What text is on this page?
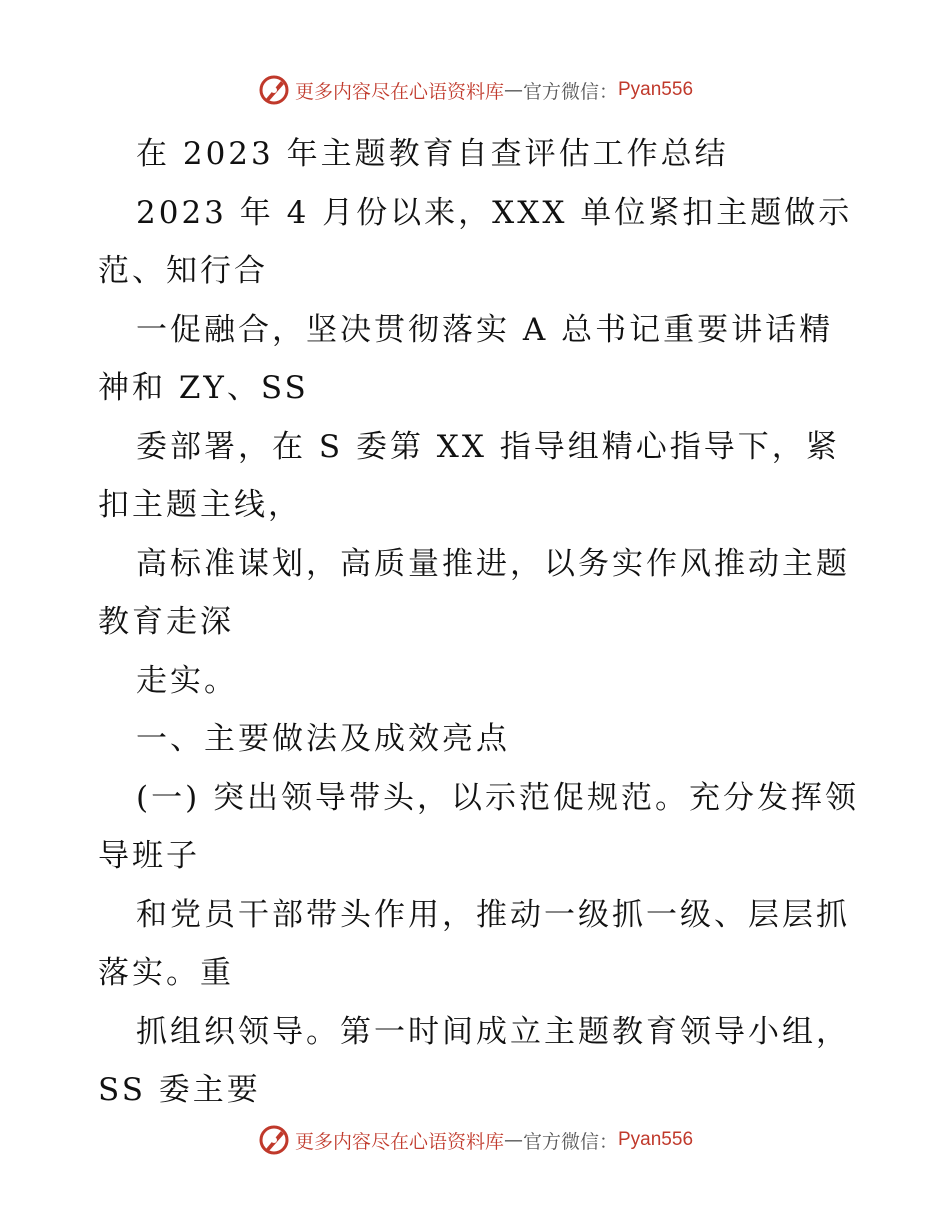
更多内容尽在心语资料库 — 官方微信： Pyan556

在 2023 年主题教育自查评估工作总结

2023 年 4 月份以来，XXX 单位紧扣主题做示

范、知行合

一促融合，坚决贯彻落实 A 总书记重要讲话精

神和 ZY、SS

委部署，在 S 委第 XX 指导组精心指导下，紧

扣主题主线，

高标准谋划，高质量推进，以务实作风推动主题

教育走深

走实。

一、主要做法及成效亮点

(一) 突出领导带头，以示范促规范。充分发挥领

导班子

和党员干部带头作用，推动一级抓一级、层层抓

落实。重

抓组织领导。第一时间成立主题教育领导小组，

SS 委主要

更多内容尽在心语资料库 — 官方微信： Pyan556
